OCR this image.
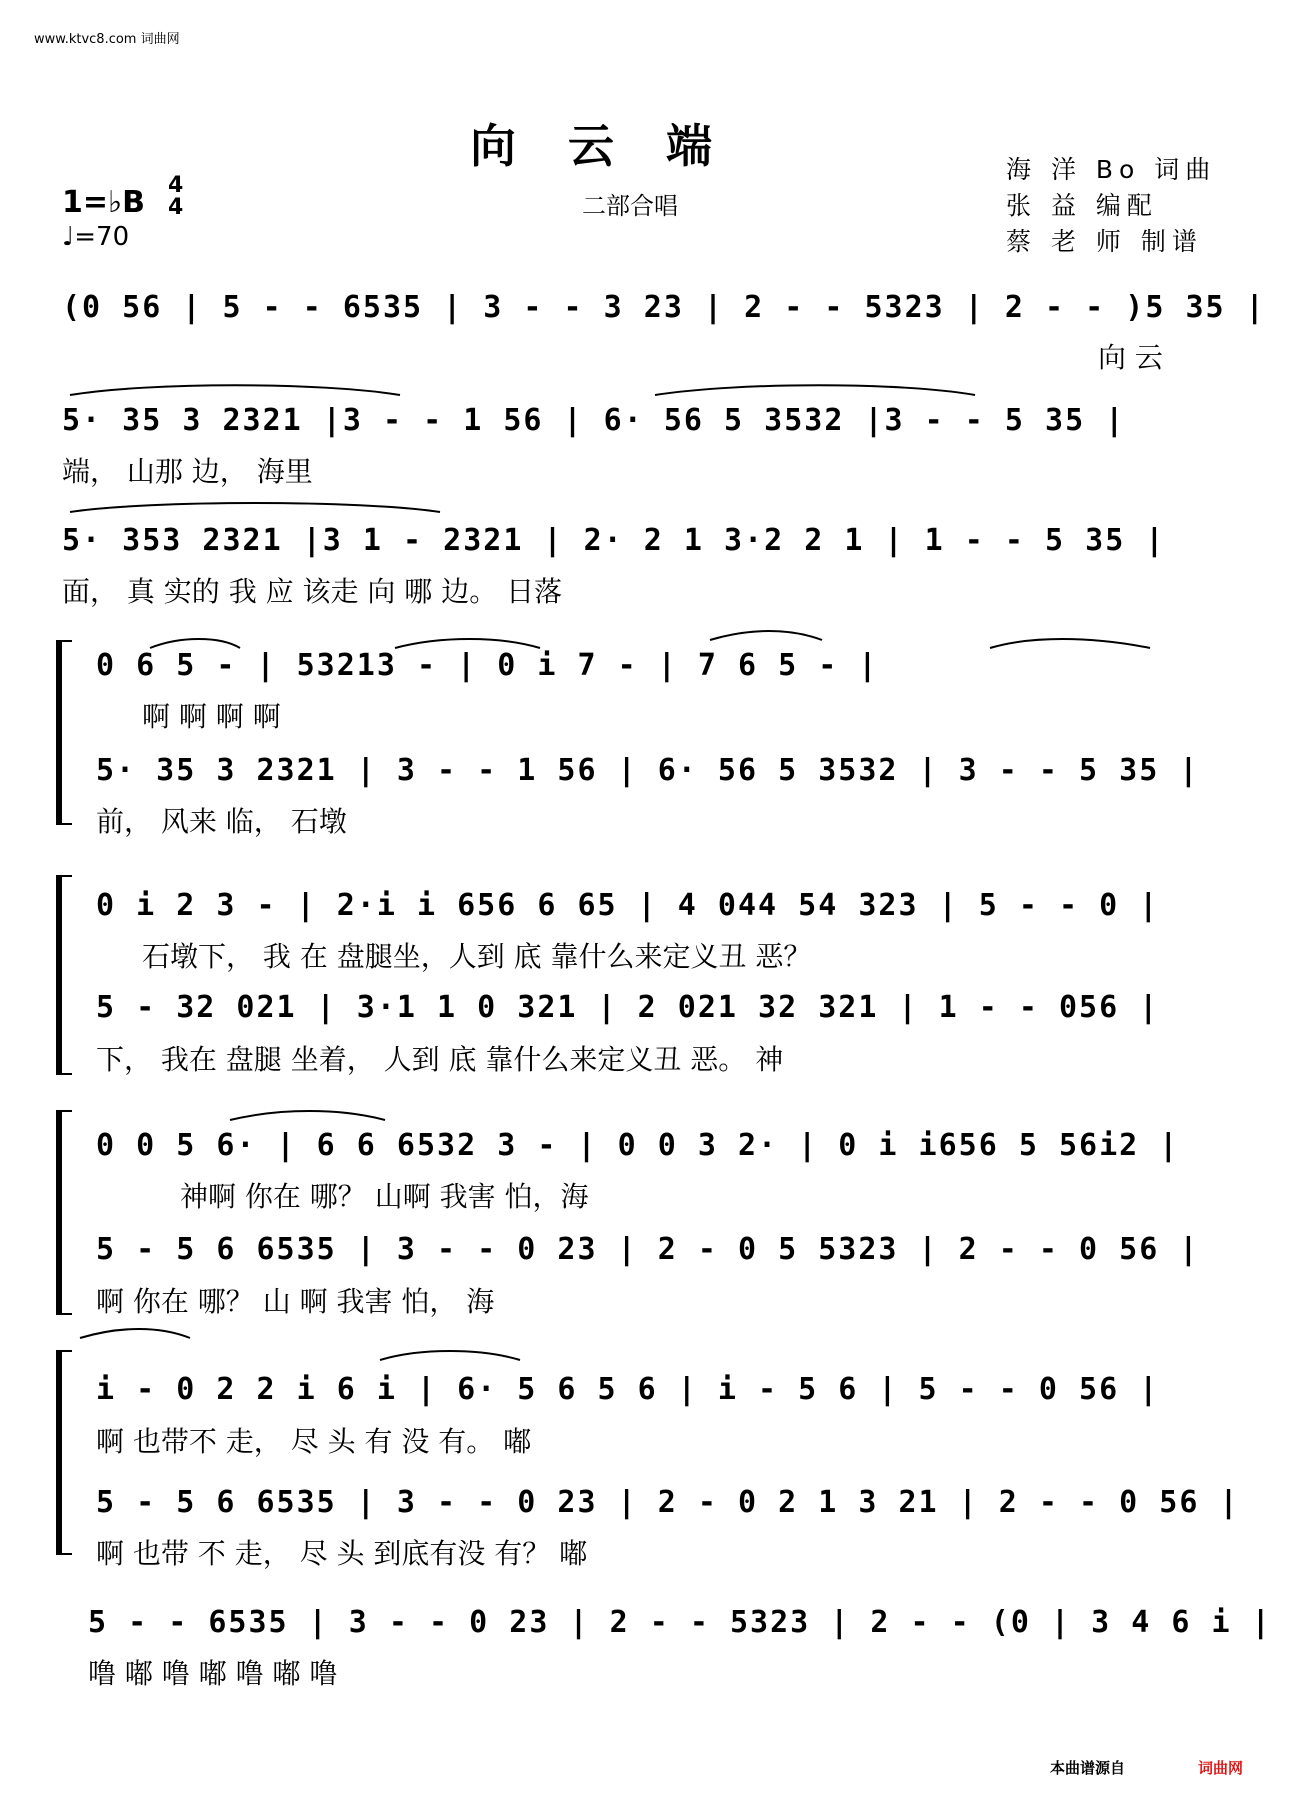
www.ktvc8.com 词曲网
向云端
二部合唱
1=♭B 4
4
♩=70
海 洋 Bo 词曲
张 益 编配
蔡 老 师 制谱
(0 56 | 5 - - 6535 | 3 - - 3 23 | 2 - - 5323 | 2 - - )5 35 |
向 云
5· 35 3 2321 |3 - - 1 56 | 6· 56 5 3532 |3 - - 5 35 |
端， 山那 边， 海里
5· 353 2321 |3 1 - 2321 | 2· 2 1 3·2 2 1 | 1 - - 5 35 |
面， 真 实的 我 应 该走 向 哪 边。 日落
0 6 5 - | 53213 - | 0 i 7 - | 7 6 5 - |
啊 啊 啊 啊
5· 35 3 2321 | 3 - - 1 56 | 6· 56 5 3532 | 3 - - 5 35 |
前， 风来 临， 石墩
0 i 2 3 - | 2·i i 656 6 65 | 4 044 54 323 | 5 - - 0 |
石墩下， 我 在 盘腿坐，人到 底 靠什么来定义丑 恶？
5 - 32 021 | 3·1 1 0 321 | 2 021 32 321 | 1 - - 056 |
下， 我在 盘腿 坐着， 人到 底 靠什么来定义丑 恶。 神
0 0 5 6· | 6 6 6532 3 - | 0 0 3 2· | 0 i i656 5 56i2 |
神啊 你在 哪？ 山啊 我害 怕，海
5 - 5 6 6535 | 3 - - 0 23 | 2 - 0 5 5323 | 2 - - 0 56 |
啊 你在 哪？ 山 啊 我害 怕， 海
i - 0 2 2 i 6 i | 6· 5 6 5 6 | i - 5 6 | 5 - - 0 56 |
啊 也带不 走， 尽 头 有 没 有。 嘟
5 - 5 6 6535 | 3 - - 0 23 | 2 - 0 2 1 3 21 | 2 - - 0 56 |
啊 也带 不 走， 尽 头 到底有没 有？ 嘟
5 - - 6535 | 3 - - 0 23 | 2 - - 5323 | 2 - - (0 | 3 4 6 i |
噜 嘟 噜 嘟 噜 嘟 噜
本曲谱源自	词曲网
